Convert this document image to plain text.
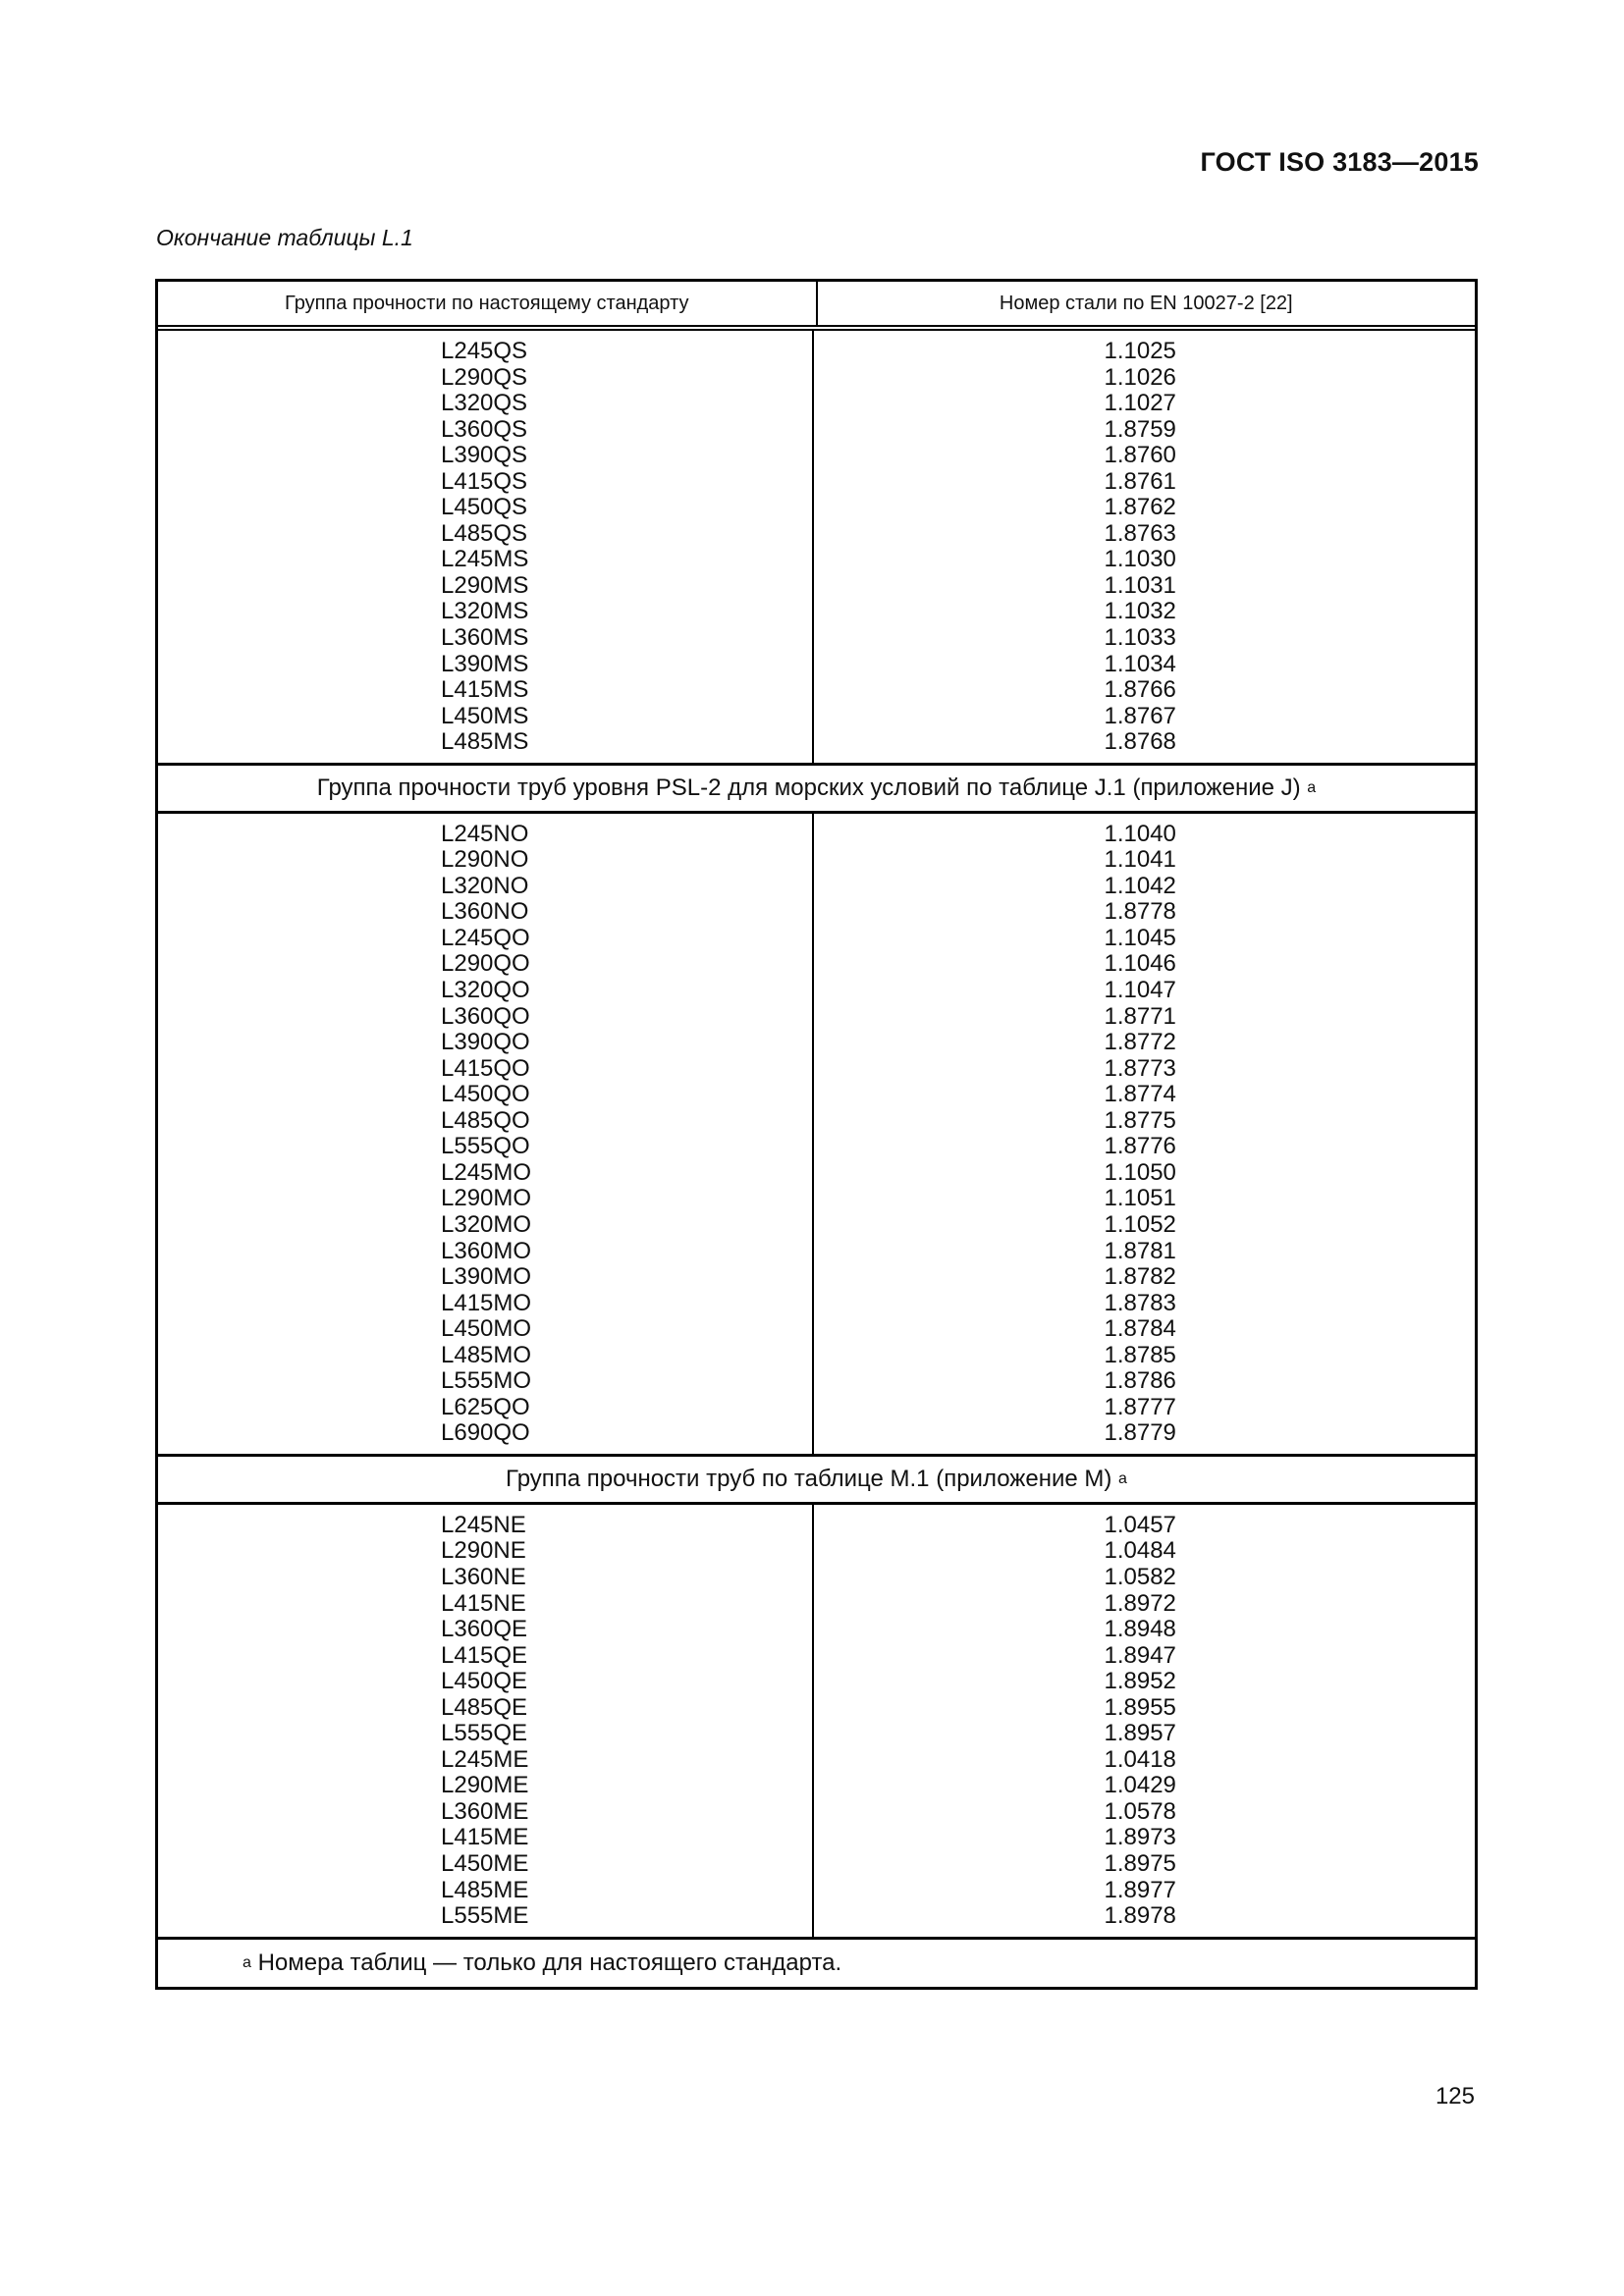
ГОСТ ISO 3183—2015
Окончание таблицы L.1
Группа прочности по настоящему стандарту	Номер стали по EN 10027-2 [22]
L245QS
L290QS
L320QS
L360QS
L390QS
L415QS
L450QS
L485QS
L245MS
L290MS
L320MS
L360MS
L390MS
L415MS
L450MS
L485MS
1.1025
1.1026
1.1027
1.8759
1.8760
1.8761
1.8762
1.8763
1.1030
1.1031
1.1032
1.1033
1.1034
1.8766
1.8767
1.8768
Группа прочности труб уровня PSL-2 для морских условий по таблице J.1 (приложение J)
a
L245NO
L290NO
L320NO
L360NO
L245QO
L290QO
L320QO
L360QO
L390QO
L415QO
L450QO
L485QO
L555QO
L245MO
L290MO
L320MO
L360MO
L390MO
L415MO
L450MO
L485MO
L555MO
L625QO
L690QO
1.1040
1.1041
1.1042
1.8778
1.1045
1.1046
1.1047
1.8771
1.8772
1.8773
1.8774
1.8775
1.8776
1.1050
1.1051
1.1052
1.8781
1.8782
1.8783
1.8784
1.8785
1.8786
1.8777
1.8779
Группа прочности труб по таблице M.1 (приложение M)
a
L245NE
L290NE
L360NE
L415NE
L360QE
L415QE
L450QE
L485QE
L555QE
L245ME
L290ME
L360ME
L415ME
L450ME
L485ME
L555ME
1.0457
1.0484
1.0582
1.8972
1.8948
1.8947
1.8952
1.8955
1.8957
1.0418
1.0429
1.0578
1.8973
1.8975
1.8977
1.8978
a
Номера таблиц — только для настоящего стандарта.
125
